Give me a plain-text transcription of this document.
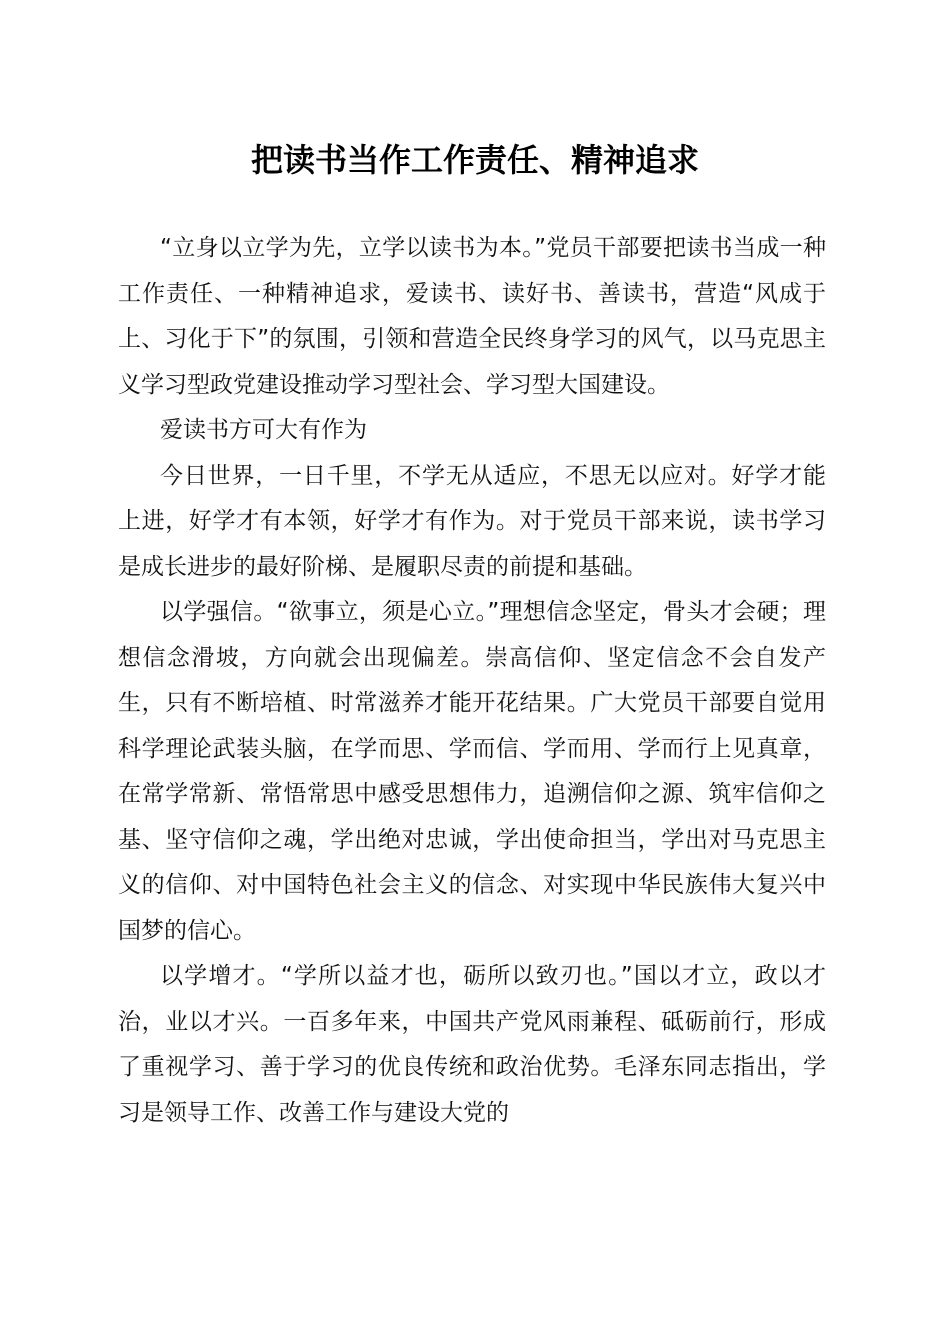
把读书当作工作责任、精神追求

“立身以立学为先，立学以读书为本。”党员干部要把读书当成一种工作责任、一种精神追求，爱读书、读好书、善读书，营造“风成于上、习化于下”的氛围，引领和营造全民终身学习的风气，以马克思主义学习型政党建设推动学习型社会、学习型大国建设。

爱读书方可大有作为

今日世界，一日千里，不学无从适应，不思无以应对。好学才能上进，好学才有本领，好学才有作为。对于党员干部来说，读书学习是成长进步的最好阶梯、是履职尽责的前提和基础。

以学强信。“欲事立，须是心立。”理想信念坚定，骨头才会硬；理想信念滑坡，方向就会出现偏差。崇高信仰、坚定信念不会自发产生，只有不断培植、时常滋养才能开花结果。广大党员干部要自觉用科学理论武装头脑，在学而思、学而信、学而用、学而行上见真章，在常学常新、常悟常思中感受思想伟力，追溯信仰之源、筑牢信仰之基、坚守信仰之魂，学出绝对忠诚，学出使命担当，学出对马克思主义的信仰、对中国特色社会主义的信念、对实现中华民族伟大复兴中国梦的信心。

以学增才。“学所以益才也，砺所以致刃也。”国以才立，政以才治，业以才兴。一百多年来，中国共产党风雨兼程、砥砺前行，形成了重视学习、善于学习的优良传统和政治优势。毛泽东同志指出，学习是领导工作、改善工作与建设大党的
